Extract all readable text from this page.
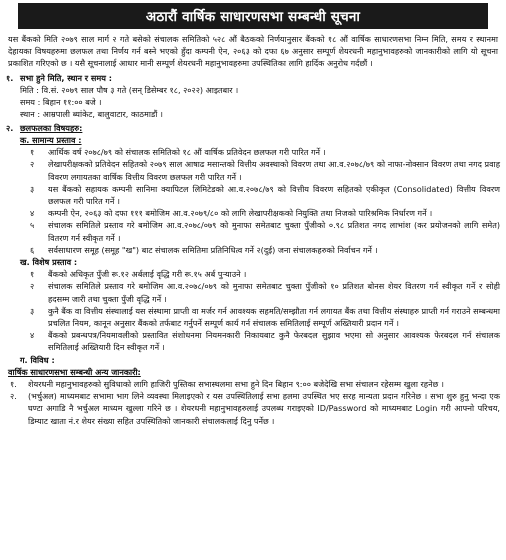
अठारौं वार्षिक साधारणसभा सम्बन्धी सूचना
यस बैंकको मिति २०७९ साल मार्ग २ गते बसेको संचालक समितिको ५२८ औं बैठकको निर्णयानुसार बैंकको १८ औं वार्षिक साधारणसभा निम्न मिति, समय र स्थानमा देहायका विषयहरुमा छलफल तथा निर्णय गर्न बस्ने भएको हुँदा कम्पनी ऐन, २०६३ को दफा ६७ अनुसार सम्पूर्ण शेयरधनी महानुभावहरुको जानकारीको लागि यो सूचना प्रकाशित गरिएको छ । यसै सूचनालाई आधार मानी सम्पूर्ण शेयरधनी महानुभावहरुमा उपस्थितिका लागि हार्दिक अनुरोध गर्दछौं ।
१. सभा हुने मिति, स्थान र समय :
मिति : वि.सं. २०७९ साल पौष ३ गते (सन् डिसेम्बर १८, २०२२) आइतबार ।
समय : बिहान ११:०० बजे ।
स्थान : आम्रपाली ब्यांकेट, बालुवाटार, काठमाडौं ।
२. छलफलका विषयहरु:
क. सामान्य प्रस्ताव :
१	आर्थिक वर्ष २०७८/७९ को संचालक समितिको १८ औं वार्षिक प्रतिवेदन छलफल गरी पारित गर्ने ।
२	लेखापरीक्षकको प्रतिवेदन सहितको २०७९ साल आषाढ मसान्तको वित्तीय अवस्थाको विवरण तथा आ.व.२०७८/७९ को नाफा-नोक्सान विवरण तथा नगद प्रवाह विवरण लगायतका वार्षिक वित्तीय विवरण छलफल गरी पारित गर्ने ।
३	यस बैंकको सहायक कम्पनी सानिमा क्यापिटल लिमिटेडको आ.व.२०७८/७९ को वित्तीय विवरण सहितको एकीकृत (Consolidated) वित्तीय विवरण छलफल गरी पारित गर्ने ।
४	कम्पनी ऐन, २०६३ को दफा १११ बमोजिम आ.व.२०७९/८० को लागि लेखापरीक्षकको नियुक्ति तथा निजको पारिश्रमिक निर्धारण गर्ने ।
५	संचालक समितिले प्रस्ताव गरे बमोजिम आ.व.२०७८/०७९ को मुनाफा समेतबाट चुक्ता पुँजीको ०.९८ प्रतिशत नगद लाभांश (कर प्रयोजनको लागि समेत) वितरण गर्न स्वीकृत गर्ने ।
६	सर्वसाधारण समूह (समूह "ख") बाट संचालक समितिमा प्रतिनिधित्व गर्ने २(दुई) जना संचालकहरुको निर्वाचन गर्ने ।
ख. विशेष प्रस्ताव :
१	बैंकको अधिकृत पुँजी रू.१२ अर्बलाई वृद्धि गरी रू.१५ अर्ब पुऱ्याउने ।
२	संचालक समितिले प्रस्ताव गरे बमोजिम आ.व.२०७८/०७९ को मुनाफा समेतबाट चुक्ता पुँजीको १० प्रतिशत बोनस शेयर वितरण गर्न स्वीकृत गर्ने र सोही हदसम्म जारी तथा चुक्ता पुँजी वृद्धि गर्ने ।
३	कुनै बैंक वा वित्तीय संस्थालाई यस संस्थामा प्राप्ती वा मर्जर गर्न आवश्यक सहमति/सम्झौता गर्न लगायत बैंक तथा वित्तीय संस्थाहरु प्राप्ती गर्न गराउने सम्बन्धमा प्रचलित नियम, कानून अनुसार बैंकको तर्फबाट गर्नुपर्ने सम्पूर्ण कार्य गर्न संचालक समितिलाई सम्पूर्ण अख्तियारी प्रदान गर्ने ।
४	बैंकको प्रबन्धपत्र/नियमावलीको प्रस्तावित संशोधनमा नियमनकारी निकायबाट कुनै फेरबदल सुझाव भएमा सो अनुसार आवश्यक फेरबदल गर्न संचालक समितिलाई अख्तियारी दिन स्वीकृत गर्ने ।
ग. विविध :
वार्षिक साधारणसभा सम्बन्धी अन्य जानकारी:
१.	शेयरधनी महानुभावहरुको सुविधाको लागि हाजिरी पुस्तिका सभास्थलमा सभा हुने दिन बिहान ९:०० बजेदेखि सभा संचालन रहेसम्म खुला रहनेछ ।
२.	(भर्चुअल) माध्यमबाट सभामा भाग लिने व्यवस्था मिलाइएको र यस उपस्थितिलाई सभा हलमा उपस्थित भए सरह मान्यता प्रदान गरिनेछ । सभा शुरु हुनु भन्दा एक घण्टा अगाडि नै भर्चुअल माध्यम खुल्ला गरिने छ । शेयरधनी महानुभावहरुलाई उपलब्ध गराइएको ID/Password को माध्यमबाट Login गरी आफ्नो परिचय, डिम्याट खाता नं.र शेयर संख्या सहित उपस्थितिको जानकारी संचालकलाई दिनु पर्नेछ ।
